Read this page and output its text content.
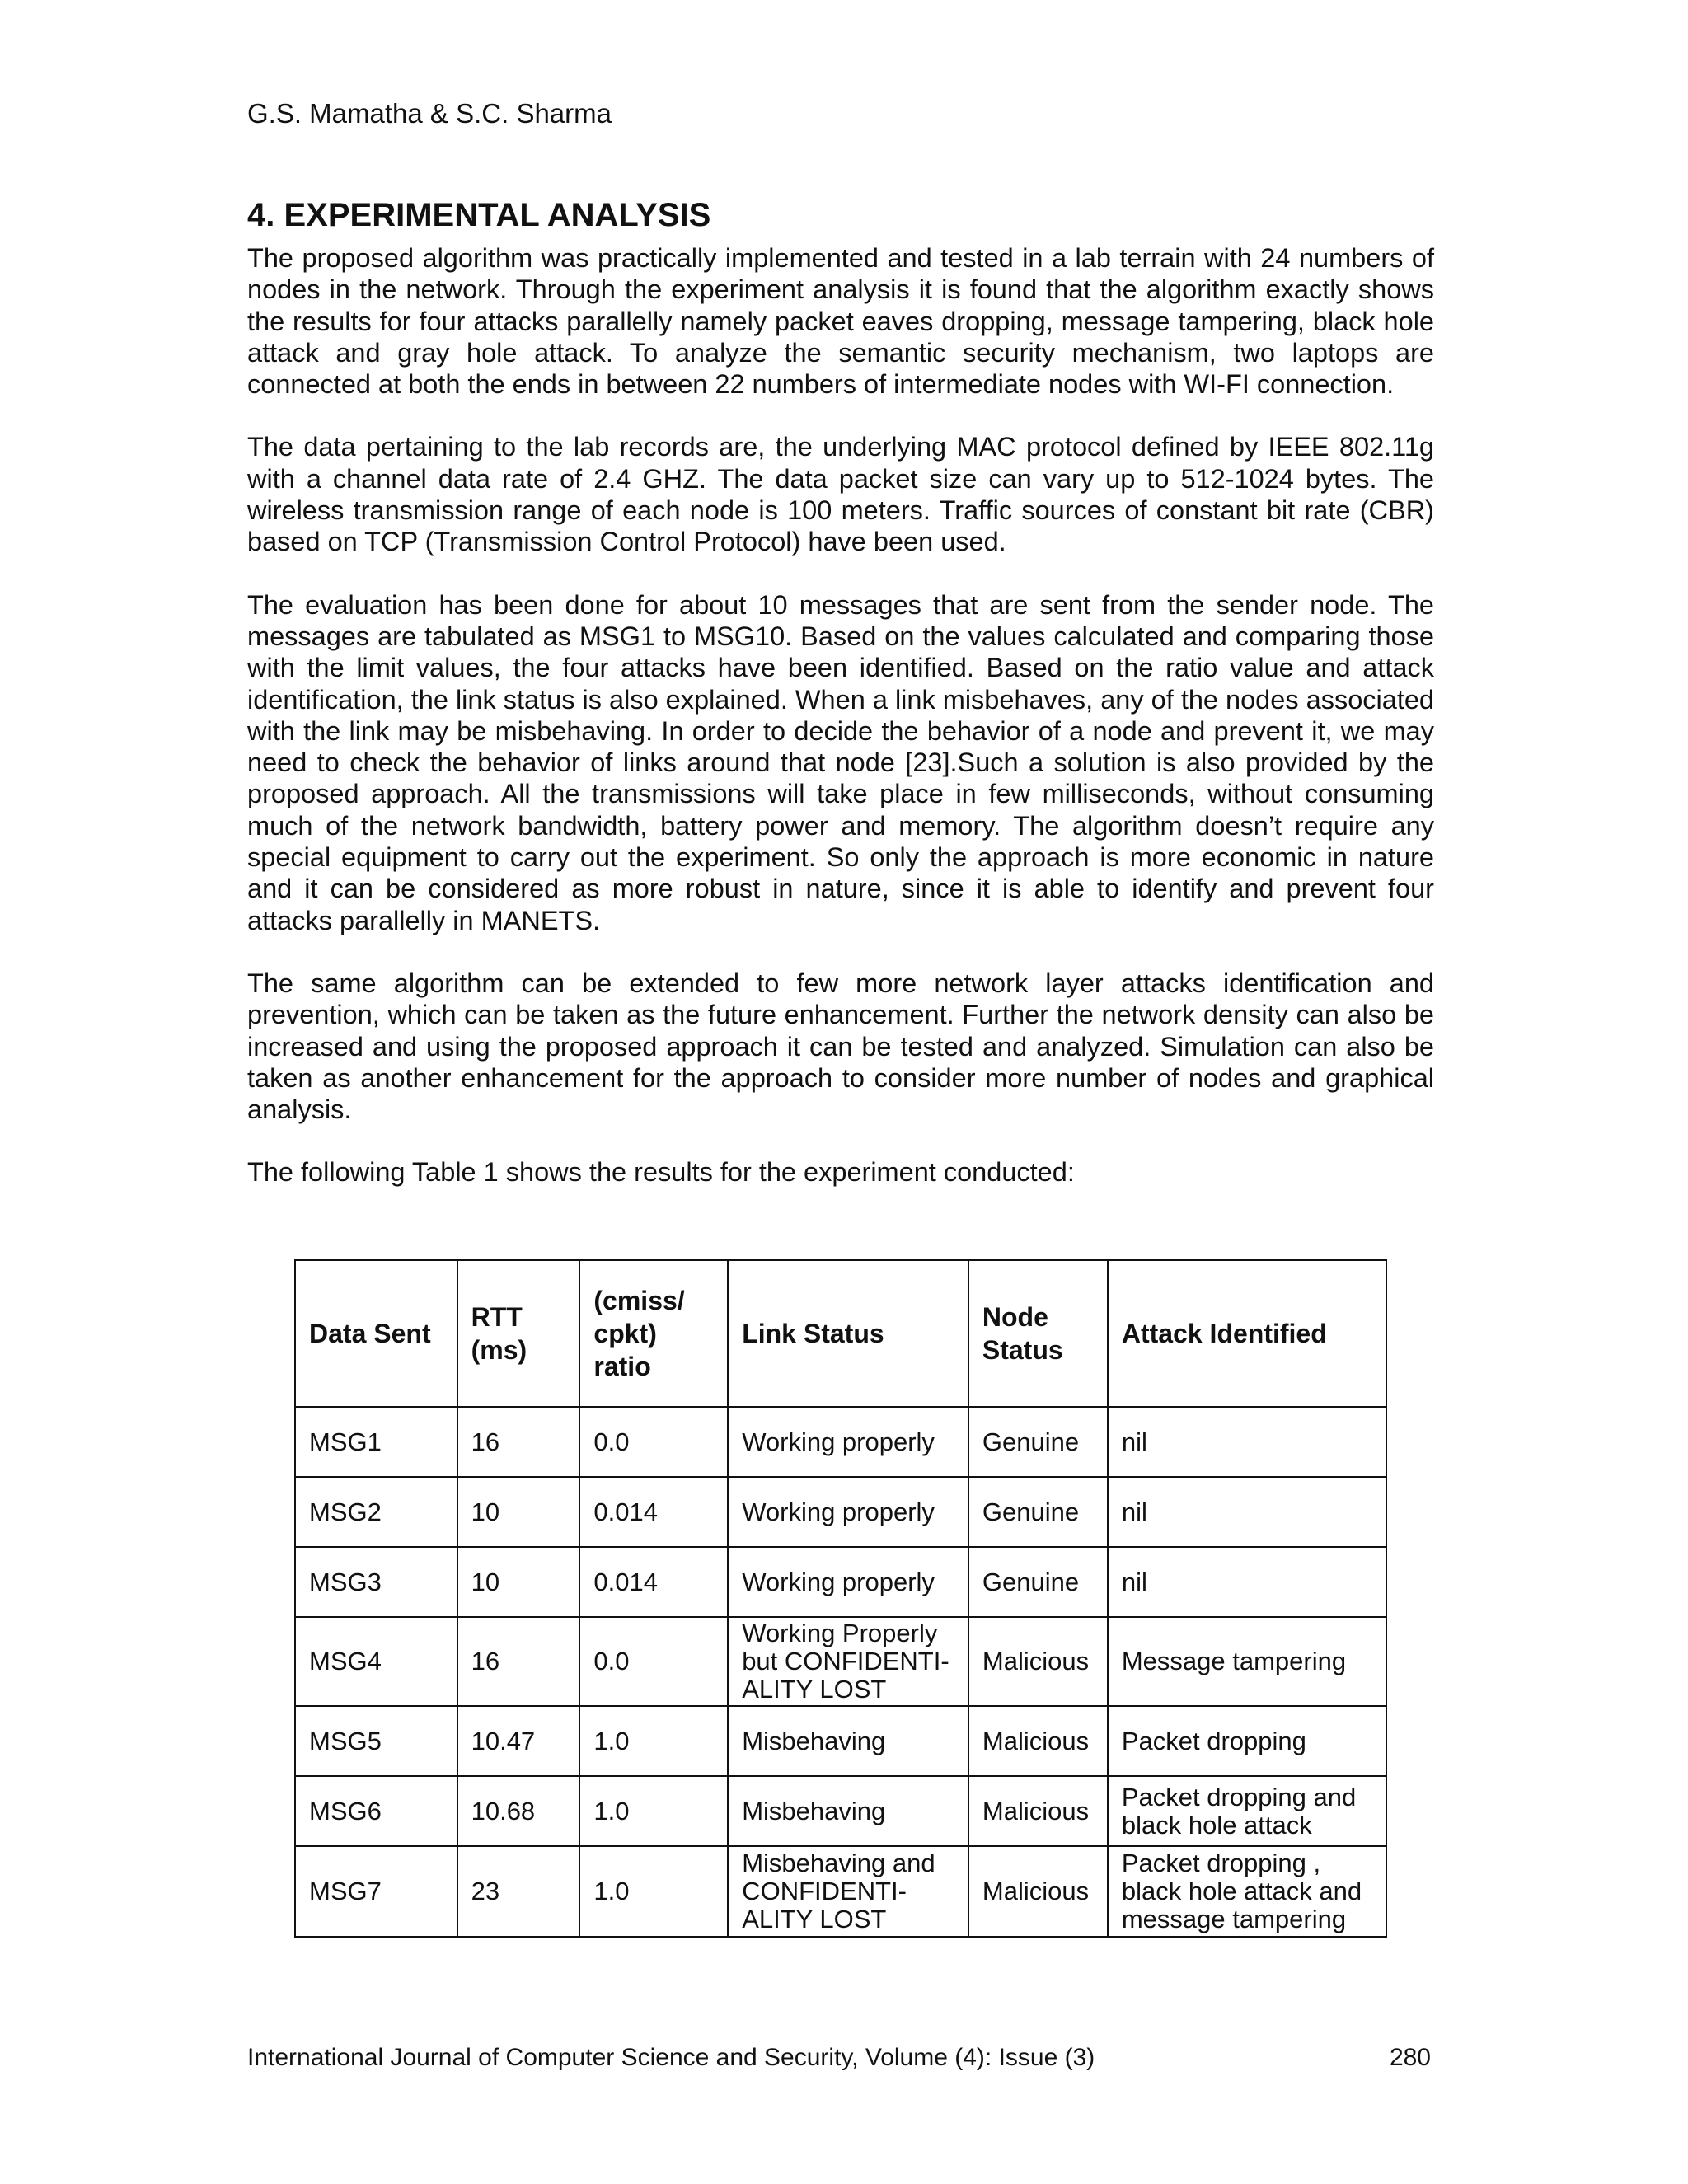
G.S. Mamatha & S.C. Sharma
4. EXPERIMENTAL ANALYSIS

The proposed algorithm was practically implemented and tested in a lab terrain with 24 numbers of nodes in the network. Through the experiment analysis it is found that the algorithm exactly shows the results for four attacks parallelly namely packet eaves dropping, message tampering, black hole attack and gray hole attack. To analyze the semantic security mechanism, two laptops are connected at both the ends in between 22 numbers of intermediate nodes with WI-FI connection.

The data pertaining to the lab records are, the underlying MAC protocol defined by IEEE 802.11g with a channel data rate of 2.4 GHZ. The data packet size can vary up to 512-1024 bytes. The wireless transmission range of each node is 100 meters. Traffic sources of constant bit rate (CBR) based on TCP (Transmission Control Protocol) have been used.

The evaluation has been done for about 10 messages that are sent from the sender node. The messages are tabulated as MSG1 to MSG10. Based on the values calculated and comparing those with the limit values, the four attacks have been identified. Based on the ratio value and attack identification, the link status is also explained. When a link misbehaves, any of the nodes associated with the link may be misbehaving. In order to decide the behavior of a node and prevent it, we may need to check the behavior of links around that node [23].Such a solution is also provided by the proposed approach. All the transmissions will take place in few milliseconds, without consuming much of the network bandwidth, battery power and memory. The algorithm doesn’t require any special equipment to carry out the experiment. So only the approach is more economic in nature and it can be considered as more robust in nature, since it is able to identify and prevent four attacks parallelly in MANETS.

The same algorithm can be extended to few more network layer attacks identification and prevention, which can be taken as the future enhancement. Further the network density can also be increased and using the proposed approach it can be tested and analyzed. Simulation can also be taken as another enhancement for the approach to consider more number of nodes and graphical analysis.

The following Table 1 shows the results for the experiment conducted:

Data Sent	RTT (ms)	(cmiss/ cpkt) ratio	Link Status	Node Status	Attack Identified
MSG1	16	0.0	Working properly	Genuine	nil
MSG2	10	0.014	Working properly	Genuine	nil
MSG3	10	0.014	Working properly	Genuine	nil
MSG4	16	0.0	Working Properly but CONFIDENTI-ALITY LOST	Malicious	Message tampering
MSG5	10.47	1.0	Misbehaving	Malicious	Packet dropping
MSG6	10.68	1.0	Misbehaving	Malicious	Packet dropping and black hole attack
MSG7	23	1.0	Misbehaving and CONFIDENTI-ALITY LOST	Malicious	Packet dropping , black hole attack and message tampering
International Journal of Computer Science and Security, Volume (4): Issue (3)	280
